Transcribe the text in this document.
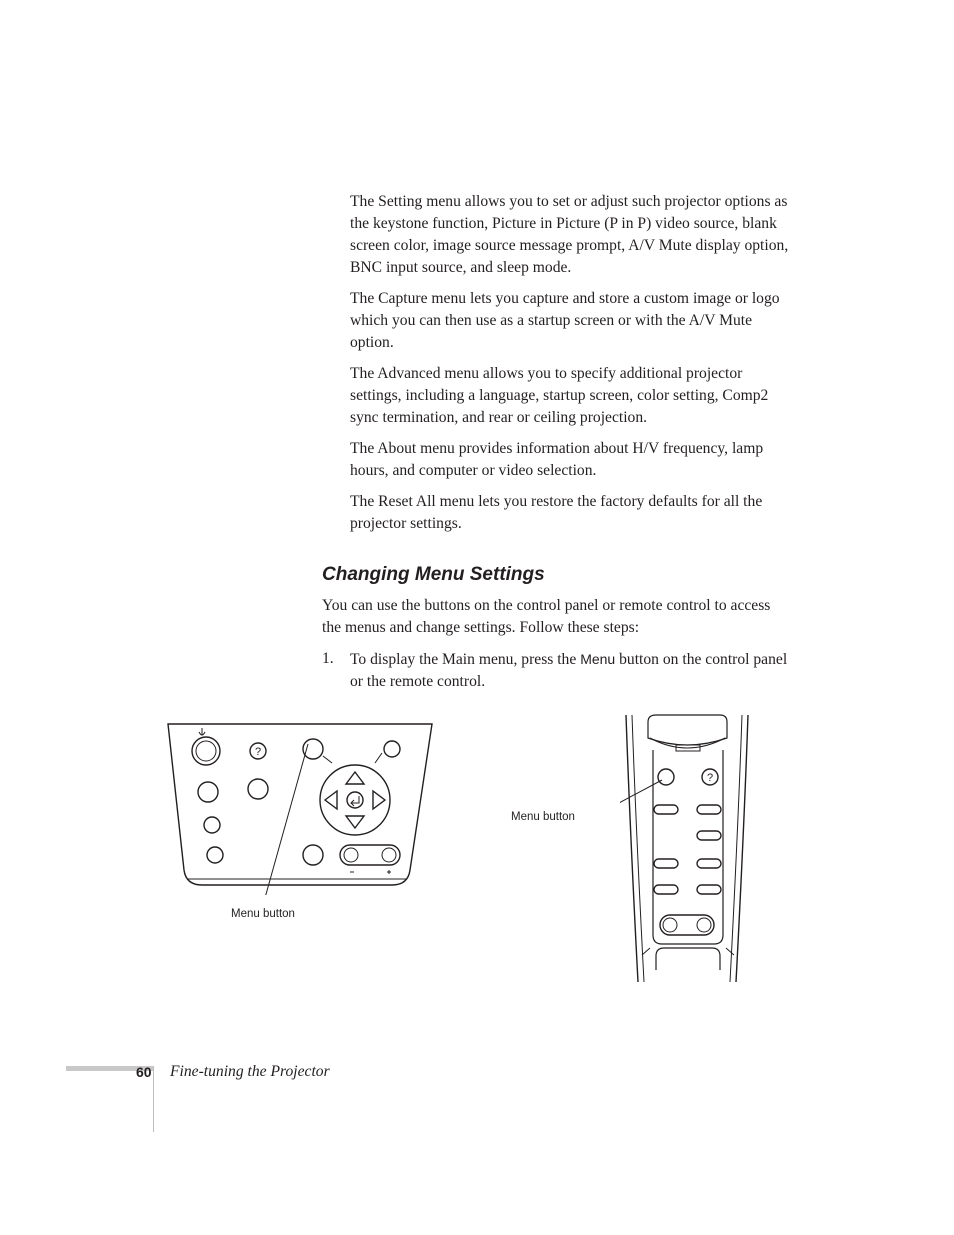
The Setting menu allows you to set or adjust such projector options as the keystone function, Picture in Picture (P in P) video source, blank screen color, image source message prompt, A/V Mute display option, BNC input source, and sleep mode.

The Capture menu lets you capture and store a custom image or logo which you can then use as a startup screen or with the A/V Mute option.

The Advanced menu allows you to specify additional projector settings, including a language, startup screen, color setting, Comp2 sync termination, and rear or ceiling projection.

The About menu provides information about H/V frequency, lamp hours, and computer or video selection.

The Reset All menu lets you restore the factory defaults for all the projector settings.

Changing Menu Settings

You can use the buttons on the control panel or remote control to access the menus and change settings. Follow these steps:

1. To display the Main menu, press the Menu button on the control panel or the remote control.

?

Menu button

?

Menu button

60 Fine-tuning the Projector
